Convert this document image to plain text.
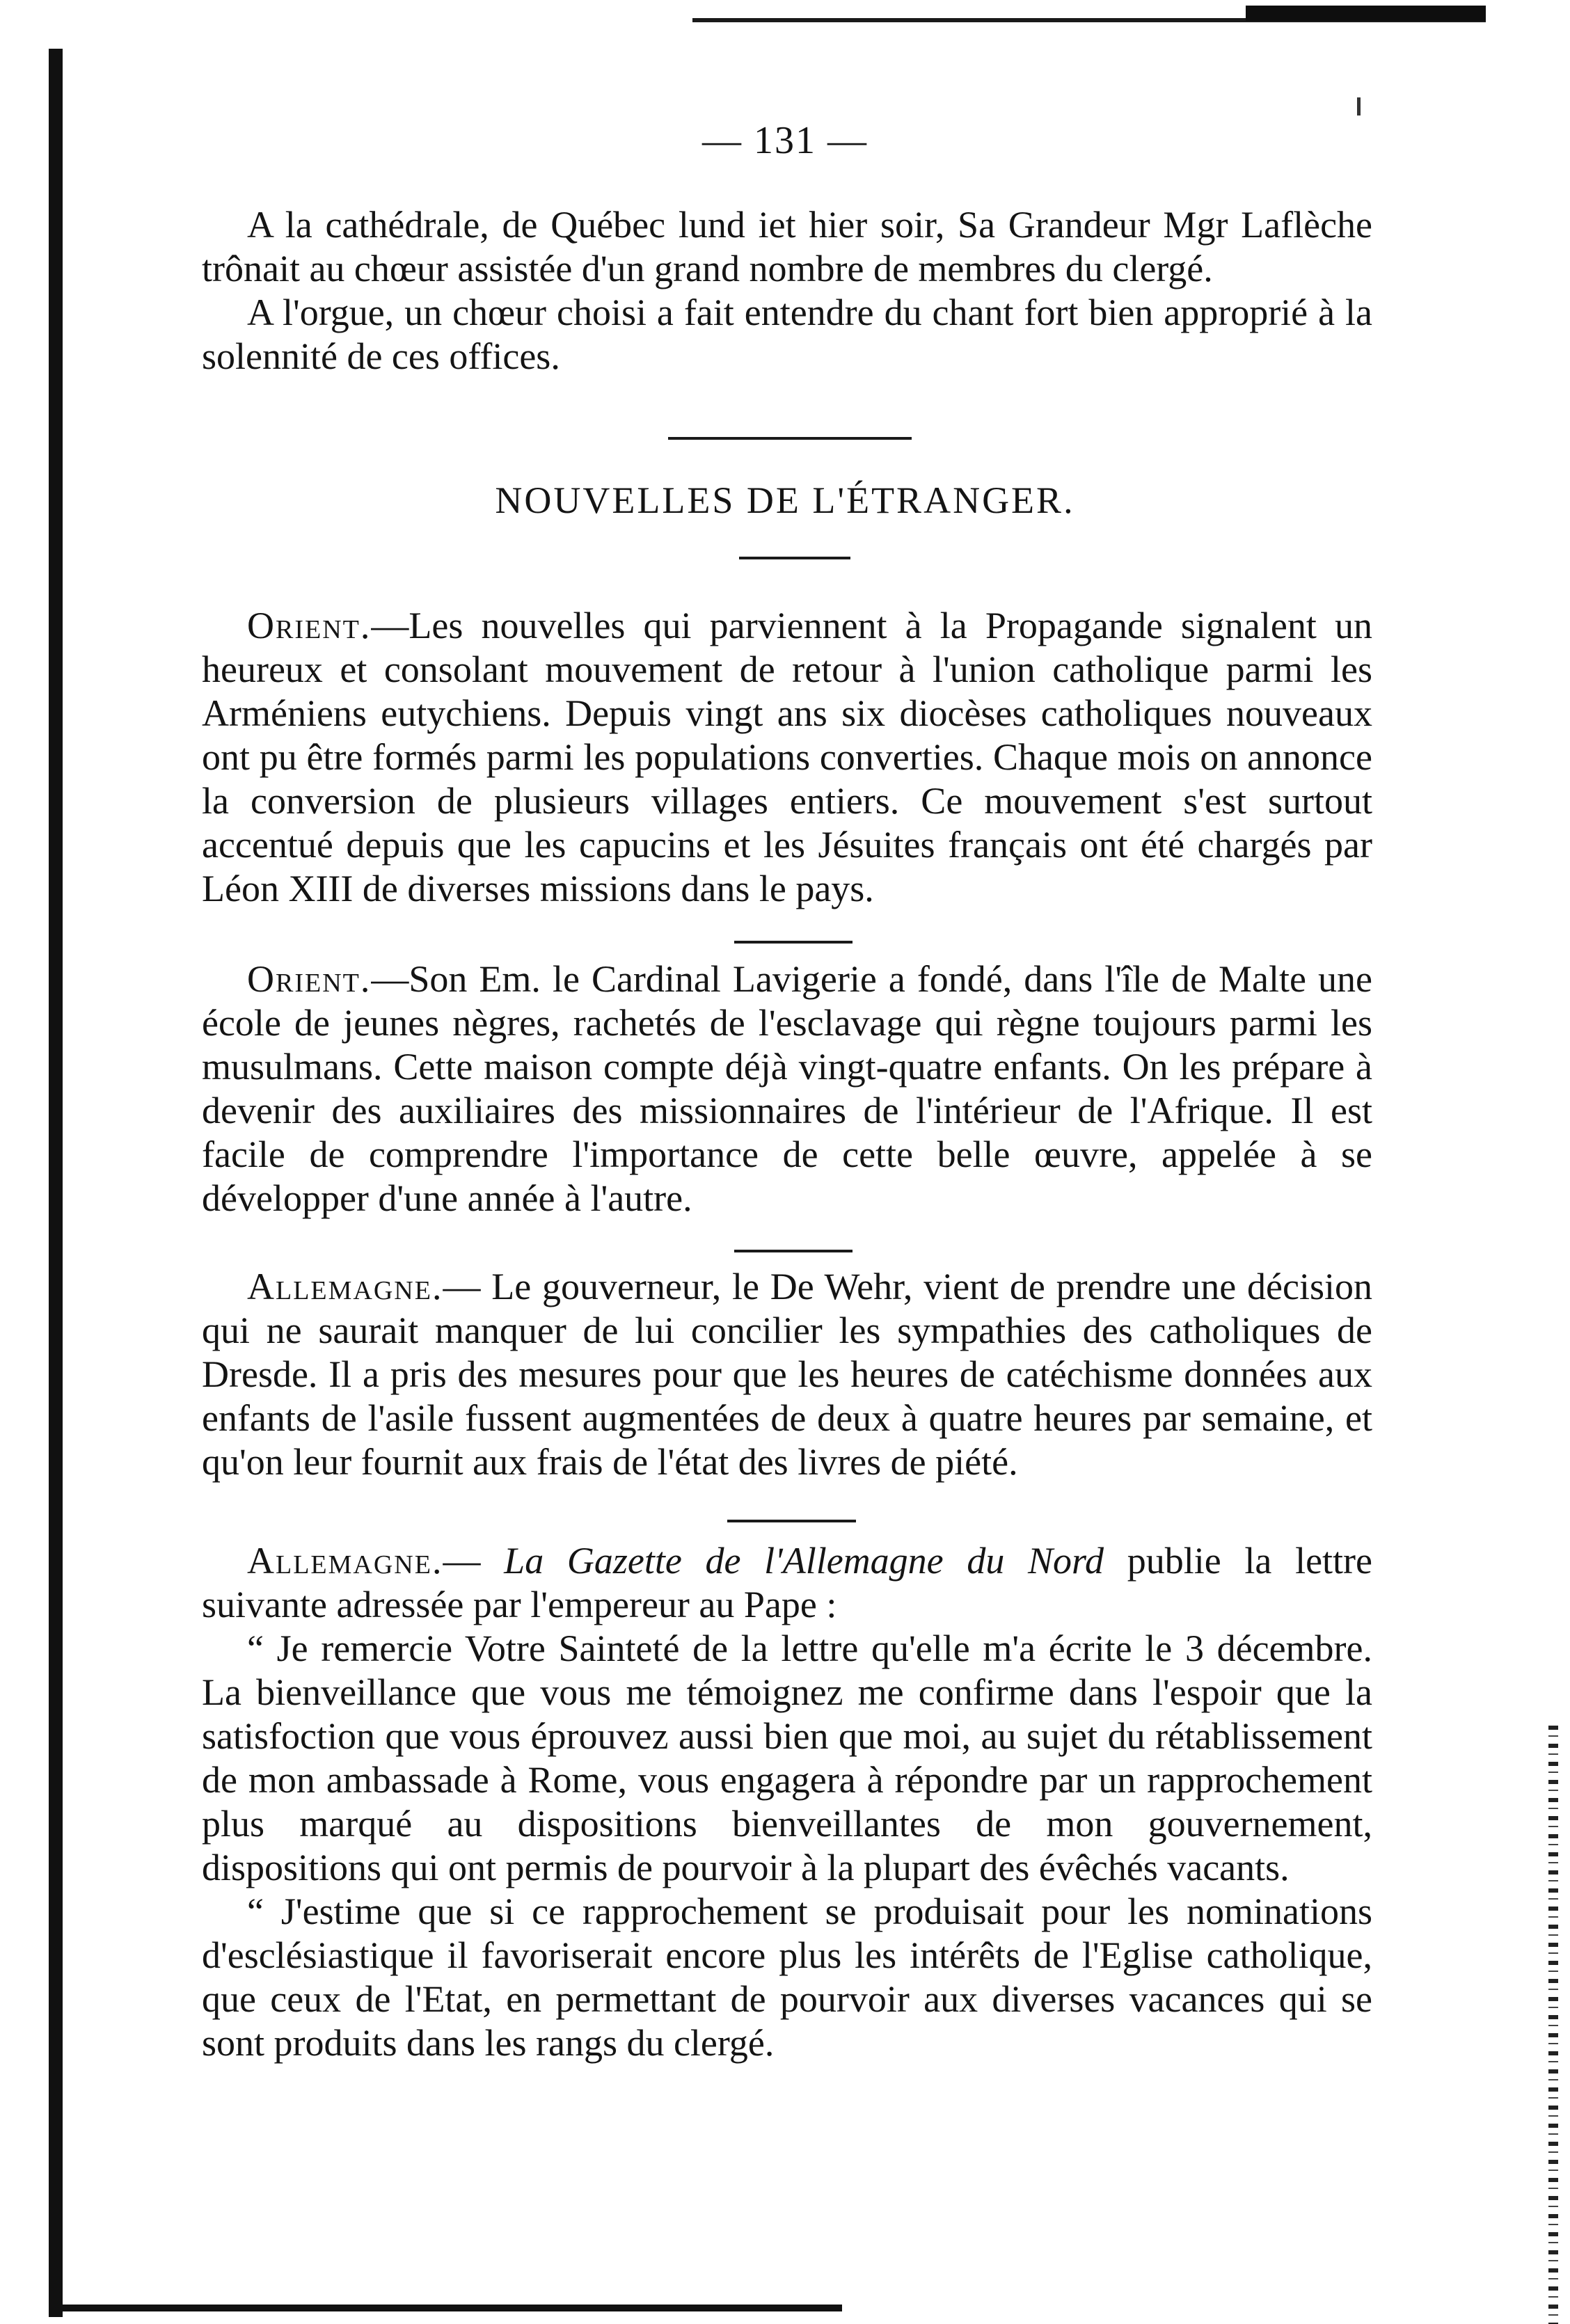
— 131 —

A la cathédrale, de Québec lund iet hier soir, Sa Grandeur Mgr Laflèche trônait au chœur assistée d'un grand nombre de membres du clergé.

A l'orgue, un chœur choisi a fait entendre du chant fort bien approprié à la solennité de ces offices.

NOUVELLES DE L'ÉTRANGER.

Orient.—Les nouvelles qui parviennent à la Propagande signalent un heureux et consolant mouvement de retour à l'union catholique parmi les Arméniens eutychiens. Depuis vingt ans six diocèses catholiques nouveaux ont pu être formés parmi les populations converties. Chaque mois on annonce la conversion de plusieurs villages entiers. Ce mouvement s'est surtout accentué depuis que les capucins et les Jésuites français ont été chargés par Léon XIII de diverses missions dans le pays.

Orient.—Son Em. le Cardinal Lavigerie a fondé, dans l'île de Malte une école de jeunes nègres, rachetés de l'esclavage qui règne toujours parmi les musulmans. Cette maison compte déjà vingt-quatre enfants. On les prépare à devenir des auxiliaires des missionnaires de l'intérieur de l'Afrique. Il est facile de comprendre l'importance de cette belle œuvre, appelée à se développer d'une année à l'autre.

Allemagne.— Le gouverneur, le De Wehr, vient de prendre une décision qui ne saurait manquer de lui concilier les sympathies des catholiques de Dresde. Il a pris des mesures pour que les heures de catéchisme données aux enfants de l'asile fussent augmentées de deux à quatre heures par semaine, et qu'on leur fournit aux frais de l'état des livres de piété.

Allemagne.— La Gazette de l'Allemagne du Nord publie la lettre suivante adressée par l'empereur au Pape :

“ Je remercie Votre Sainteté de la lettre qu'elle m'a écrite le 3 décembre. La bienveillance que vous me témoignez me confirme dans l'espoir que la satisfoction que vous éprouvez aussi bien que moi, au sujet du rétablissement de mon ambassade à Rome, vous engagera à répondre par un rapprochement plus marqué au dispositions bienveillantes de mon gouvernement, dispositions qui ont permis de pourvoir à la plupart des évêchés vacants.

“ J'estime que si ce rapprochement se produisait pour les nominations d'esclésiastique il favoriserait encore plus les intérêts de l'Eglise catholique, que ceux de l'Etat, en permettant de pourvoir aux diverses vacances qui se sont produits dans les rangs du clergé.
